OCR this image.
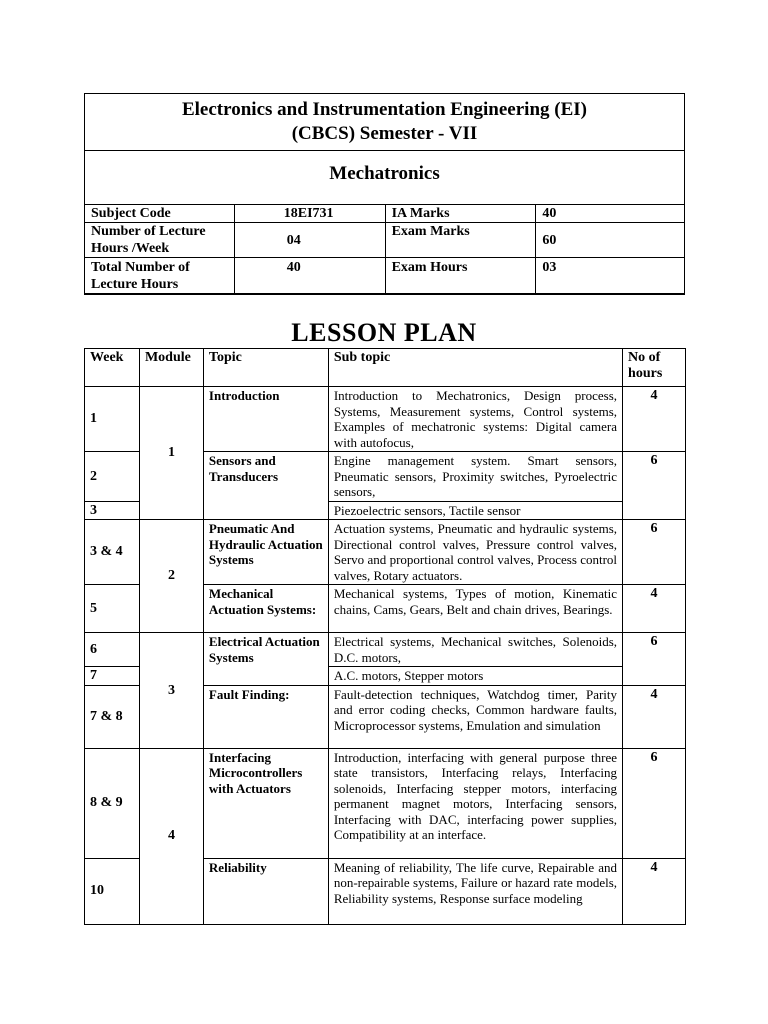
Electronics and Instrumentation Engineering (EI)
(CBCS) Semester - VII
Mechatronics
Subject Code	18EI731	IA Marks	40
Number of Lecture Hours /Week	04	Exam Marks	60
Total Number of Lecture Hours	40	Exam Hours	03
LESSON PLAN
Week	Module	Topic	Sub topic	No of hours
1	1	Introduction	Introduction to Mechatronics, Design process, Systems, Measurement systems, Control systems, Examples of mechatronic systems: Digital camera with autofocus,	4
2		Sensors and Transducers	Engine management system. Smart sensors, Pneumatic sensors, Proximity switches, Pyroelectric sensors,	6
3			Piezoelectric sensors, Tactile sensor	
3 & 4	2	Pneumatic And Hydraulic Actuation Systems	Actuation systems, Pneumatic and hydraulic systems, Directional control valves, Pressure control valves, Servo and proportional control valves, Process control valves, Rotary actuators.	6
5		Mechanical Actuation Systems:	Mechanical systems, Types of motion, Kinematic chains, Cams, Gears, Belt and chain drives, Bearings.	4
6	3	Electrical Actuation Systems	Electrical systems, Mechanical switches, Solenoids, D.C. motors,	6
7			A.C. motors, Stepper motors	
7 & 8		Fault Finding:	Fault-detection techniques, Watchdog timer, Parity and error coding checks, Common hardware faults, Microprocessor systems, Emulation and simulation	4
8 & 9	4	Interfacing Microcontrollers with Actuators	Introduction, interfacing with general purpose three state transistors, Interfacing relays, Interfacing solenoids, Interfacing stepper motors, interfacing permanent magnet motors, Interfacing sensors, Interfacing with DAC, interfacing power supplies, Compatibility at an interface.	6
10		Reliability	Meaning of reliability, The life curve, Repairable and non-repairable systems, Failure or hazard rate models, Reliability systems, Response surface modeling	4
